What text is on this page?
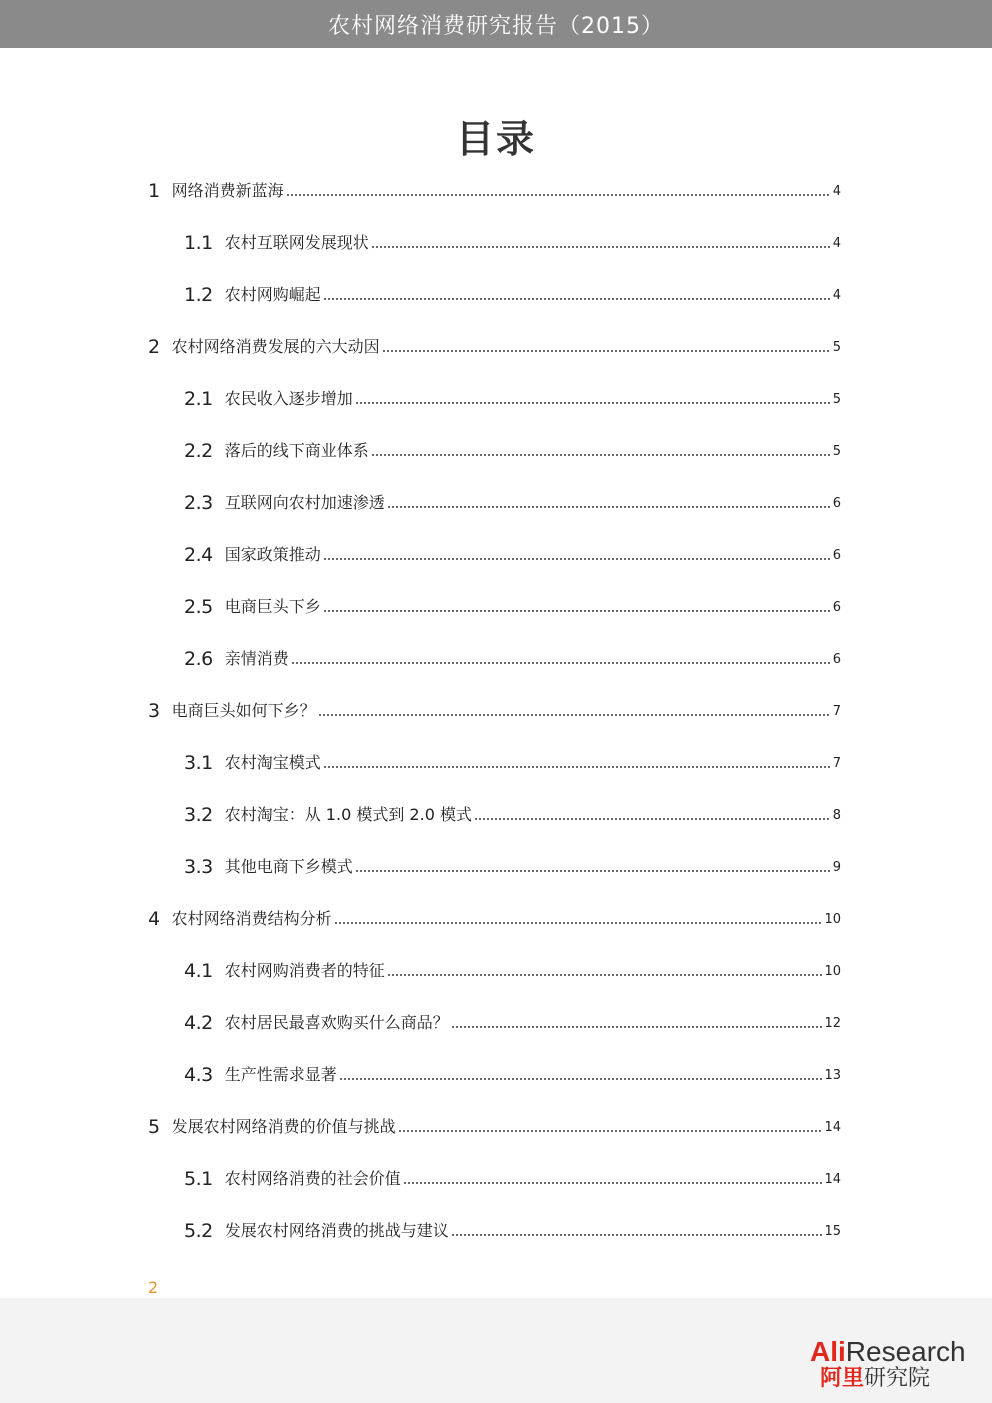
农村网络消费研究报告（2015）
目录
1 网络消费新蓝海	4
1.1 农村互联网发展现状	4
1.2 农村网购崛起	4
2 农村网络消费发展的六大动因	5
2.1 农民收入逐步增加	5
2.2 落后的线下商业体系	5
2.3 互联网向农村加速渗透	6
2.4 国家政策推动	6
2.5 电商巨头下乡	6
2.6 亲情消费	6
3 电商巨头如何下乡？	7
3.1 农村淘宝模式	7
3.2 农村淘宝：从 1.0 模式到 2.0 模式	8
3.3 其他电商下乡模式	9
4 农村网络消费结构分析	10
4.1 农村网购消费者的特征	10
4.2 农村居民最喜欢购买什么商品？	12
4.3 生产性需求显著	13
5 发展农村网络消费的价值与挑战	14
5.1 农村网络消费的社会价值	14
5.2 发展农村网络消费的挑战与建议	15
2
AliResearch
阿里研究院
